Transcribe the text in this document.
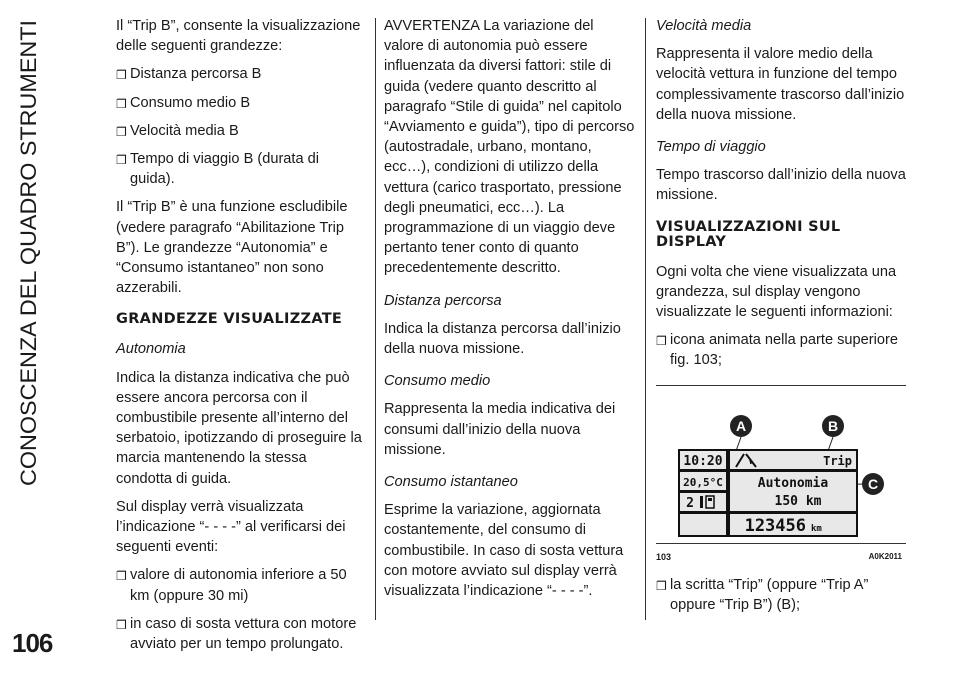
CONOSCENZA DEL QUADRO STRUMENTI
106

Il “Trip B”, consente la visualizzazione delle seguenti grandezze:

❒ Distanza percorsa B
❒ Consumo medio B
❒ Velocità media B
❒ Tempo di viaggio B (durata di guida).

Il “Trip B” è una funzione escludibile (vedere paragrafo “Abilitazione Trip B”). Le grandezze “Autonomia” e “Consumo istantaneo” non sono azzerabili.

GRANDEZZE VISUALIZZATE

Autonomia

Indica la distanza indicativa che può essere ancora percorsa con il combustibile presente all’interno del serbatoio, ipotizzando di proseguire la marcia mantenendo la stessa condotta di guida.

Sul display verrà visualizzata l’indicazione “- - - -” al verificarsi dei seguenti eventi:

❒ valore di autonomia inferiore a 50 km (oppure 30 mi)
❒ in caso di sosta vettura con motore avviato per un tempo prolungato.

AVVERTENZA La variazione del valore di autonomia può essere influenzata da diversi fattori: stile di guida (vedere quanto descritto al paragrafo “Stile di guida” nel capitolo “Avviamento e guida”), tipo di percorso (autostradale, urbano, montano, ecc…), condizioni di utilizzo della vettura (carico trasportato, pressione degli pneumatici, ecc…). La programmazione di un viaggio deve pertanto tener conto di quanto precedentemente descritto.

Distanza percorsa

Indica la distanza percorsa dall’inizio della nuova missione.

Consumo medio

Rappresenta la media indicativa dei consumi dall’inizio della nuova missione.

Consumo istantaneo

Esprime la variazione, aggiornata costantemente, del consumo di combustibile. In caso di sosta vettura con motore avviato sul display verrà visualizzata l’indicazione “- - - -”.

Velocità media

Rappresenta il valore medio della velocità vettura in funzione del tempo complessivamente trascorso dall’inizio della nuova missione.

Tempo di viaggio

Tempo trascorso dall’inizio della nuova missione.

VISUALIZZAZIONI SUL DISPLAY

Ogni volta che viene visualizzata una grandezza, sul display vengono visualizzate le seguenti informazioni:

❒ icona animata nella parte superiore fig. 103;
A	B
C
10:20
20,5°C
2
Trip
Autonomia
150 km
123456 km
103	A0K2011
❒ la scritta “Trip” (oppure “Trip A” oppure “Trip B”) (B);
